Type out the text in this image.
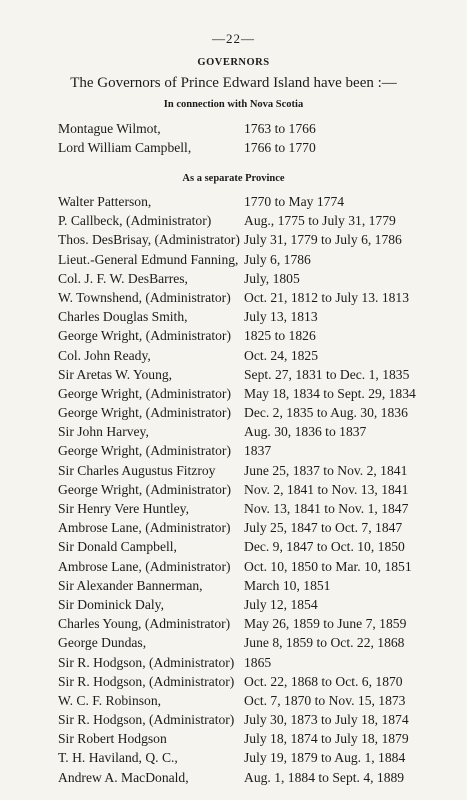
—22—
GOVERNORS
The Governors of Prince Edward Island have been :—
In connection with Nova Scotia
Montague Wilmot,	1763 to 1766
Lord William Campbell,	1766 to 1770
As a separate Province
Walter Patterson,	1770 to May 1774
P. Callbeck, (Administrator) Aug., 1775 to July 31, 1779
Thos. DesBrisay, (Administrator) July 31, 1779 to July 6, 1786
Lieut.-General Edmund Fanning, July 6, 1786
Col. J. F. W. DesBarres,	July, 1805
W. Townshend, (Administrator) Oct. 21, 1812 to July 13. 1813
Charles Douglas Smith,	July 13, 1813
George Wright, (Administrator) 1825 to 1826
Col. John Ready,	Oct. 24, 1825
Sir Aretas W. Young,	Sept. 27, 1831 to Dec. 1, 1835
George Wright, (Administrator) May 18, 1834 to Sept. 29, 1834
George Wright, (Administrator) Dec. 2, 1835 to Aug. 30, 1836
Sir John Harvey,	Aug. 30, 1836 to 1837
George Wright, (Administrator) 1837
Sir Charles Augustus Fitzroy June 25, 1837 to Nov. 2, 1841
George Wright, (Administrator) Nov. 2, 1841 to Nov. 13, 1841
Sir Henry Vere Huntley,	Nov. 13, 1841 to Nov. 1, 1847
Ambrose Lane, (Administrator) July 25, 1847 to Oct. 7, 1847
Sir Donald Campbell,	Dec. 9, 1847 to Oct. 10, 1850
Ambrose Lane, (Administrator) Oct. 10, 1850 to Mar. 10, 1851
Sir Alexander Bannerman,	March 10, 1851
Sir Dominick Daly,	July 12, 1854
Charles Young, (Administrator) May 26, 1859 to June 7, 1859
George Dundas,	June 8, 1859 to Oct. 22, 1868
Sir R. Hodgson, (Administrator) 1865
Sir R. Hodgson, (Administrator) Oct. 22, 1868 to Oct. 6, 1870
W. C. F. Robinson,	Oct. 7, 1870 to Nov. 15, 1873
Sir R. Hodgson, (Administrator) July 30, 1873 to July 18, 1874
Sir Robert Hodgson	July 18, 1874 to July 18, 1879
T. H. Haviland, Q. C.,	July 19, 1879 to Aug. 1, 1884
Andrew A. MacDonald,	Aug. 1, 1884 to Sept. 4, 1889
